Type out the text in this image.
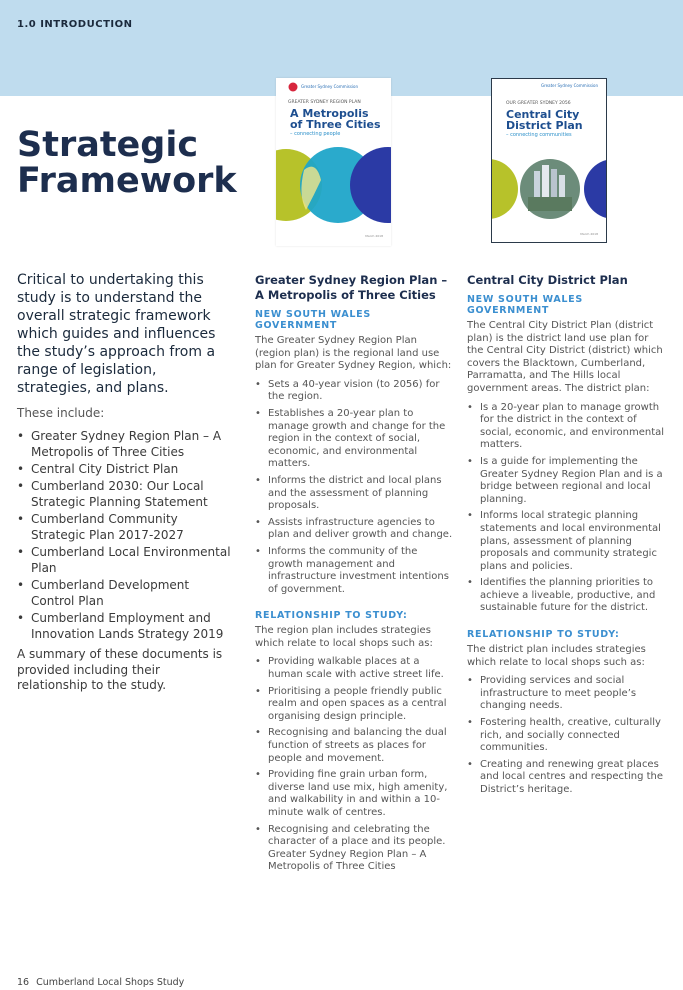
1.0 INTRODUCTION
Strategic
Framework
Greater Sydney Commission
GREATER SYDNEY REGION PLAN
A Metropolis
of Three Cities
– connecting people
March 2018
Greater Sydney Commission
OUR GREATER SYDNEY 2056
Central City
District Plan
– connecting communities
March 2018

Critical to undertaking this study is to understand the overall strategic framework which guides and influences the study’s approach from a range of legislation, strategies, and plans.

These include:

• Greater Sydney Region Plan – A Metropolis of Three Cities
• Central City District Plan
• Cumberland 2030: Our Local Strategic Planning Statement
• Cumberland Community Strategic Plan 2017-2027
• Cumberland Local Environmental Plan
• Cumberland Development Control Plan
• Cumberland Employment and Innovation Lands Strategy 2019

A summary of these documents is provided including their relationship to the study.

Greater Sydney Region Plan – A Metropolis of Three Cities
NEW SOUTH WALES GOVERNMENT

The Greater Sydney Region Plan (region plan) is the regional land use plan for Greater Sydney Region, which:

• Sets a 40-year vision (to 2056) for the region.
• Establishes a 20-year plan to manage growth and change for the region in the context of social, economic, and environmental matters.
• Informs the district and local plans and the assessment of planning proposals.
• Assists infrastructure agencies to plan and deliver growth and change.
• Informs the community of the growth management and infrastructure investment intentions of government.
RELATIONSHIP TO STUDY:

The region plan includes strategies which relate to local shops such as:

• Providing walkable places at a human scale with active street life.
• Prioritising a people friendly public realm and open spaces as a central organising design principle.
• Recognising and balancing the dual function of streets as places for people and movement.
• Providing fine grain urban form, diverse land use mix, high amenity, and walkability in and within a 10-minute walk of centres.
• Recognising and celebrating the character of a place and its people. Greater Sydney Region Plan – A Metropolis of Three Cities
Central City District Plan
NEW SOUTH WALES GOVERNMENT

The Central City District Plan (district plan) is the district land use plan for the Central City District (district) which covers the Blacktown, Cumberland, Parramatta, and The Hills local government areas. The district plan:

• Is a 20-year plan to manage growth for the district in the context of social, economic, and environmental matters.
• Is a guide for implementing the Greater Sydney Region Plan and is a bridge between regional and local planning.
• Informs local strategic planning statements and local environmental plans, assessment of planning proposals and community strategic plans and policies.
• Identifies the planning priorities to achieve a liveable, productive, and sustainable future for the district.
RELATIONSHIP TO STUDY:

The district plan includes strategies which relate to local shops such as:

• Providing services and social infrastructure to meet people’s changing needs.
• Fostering health, creative, culturally rich, and socially connected communities.
• Creating and renewing great places and local centres and respecting the District’s heritage.
16 Cumberland Local Shops Study
